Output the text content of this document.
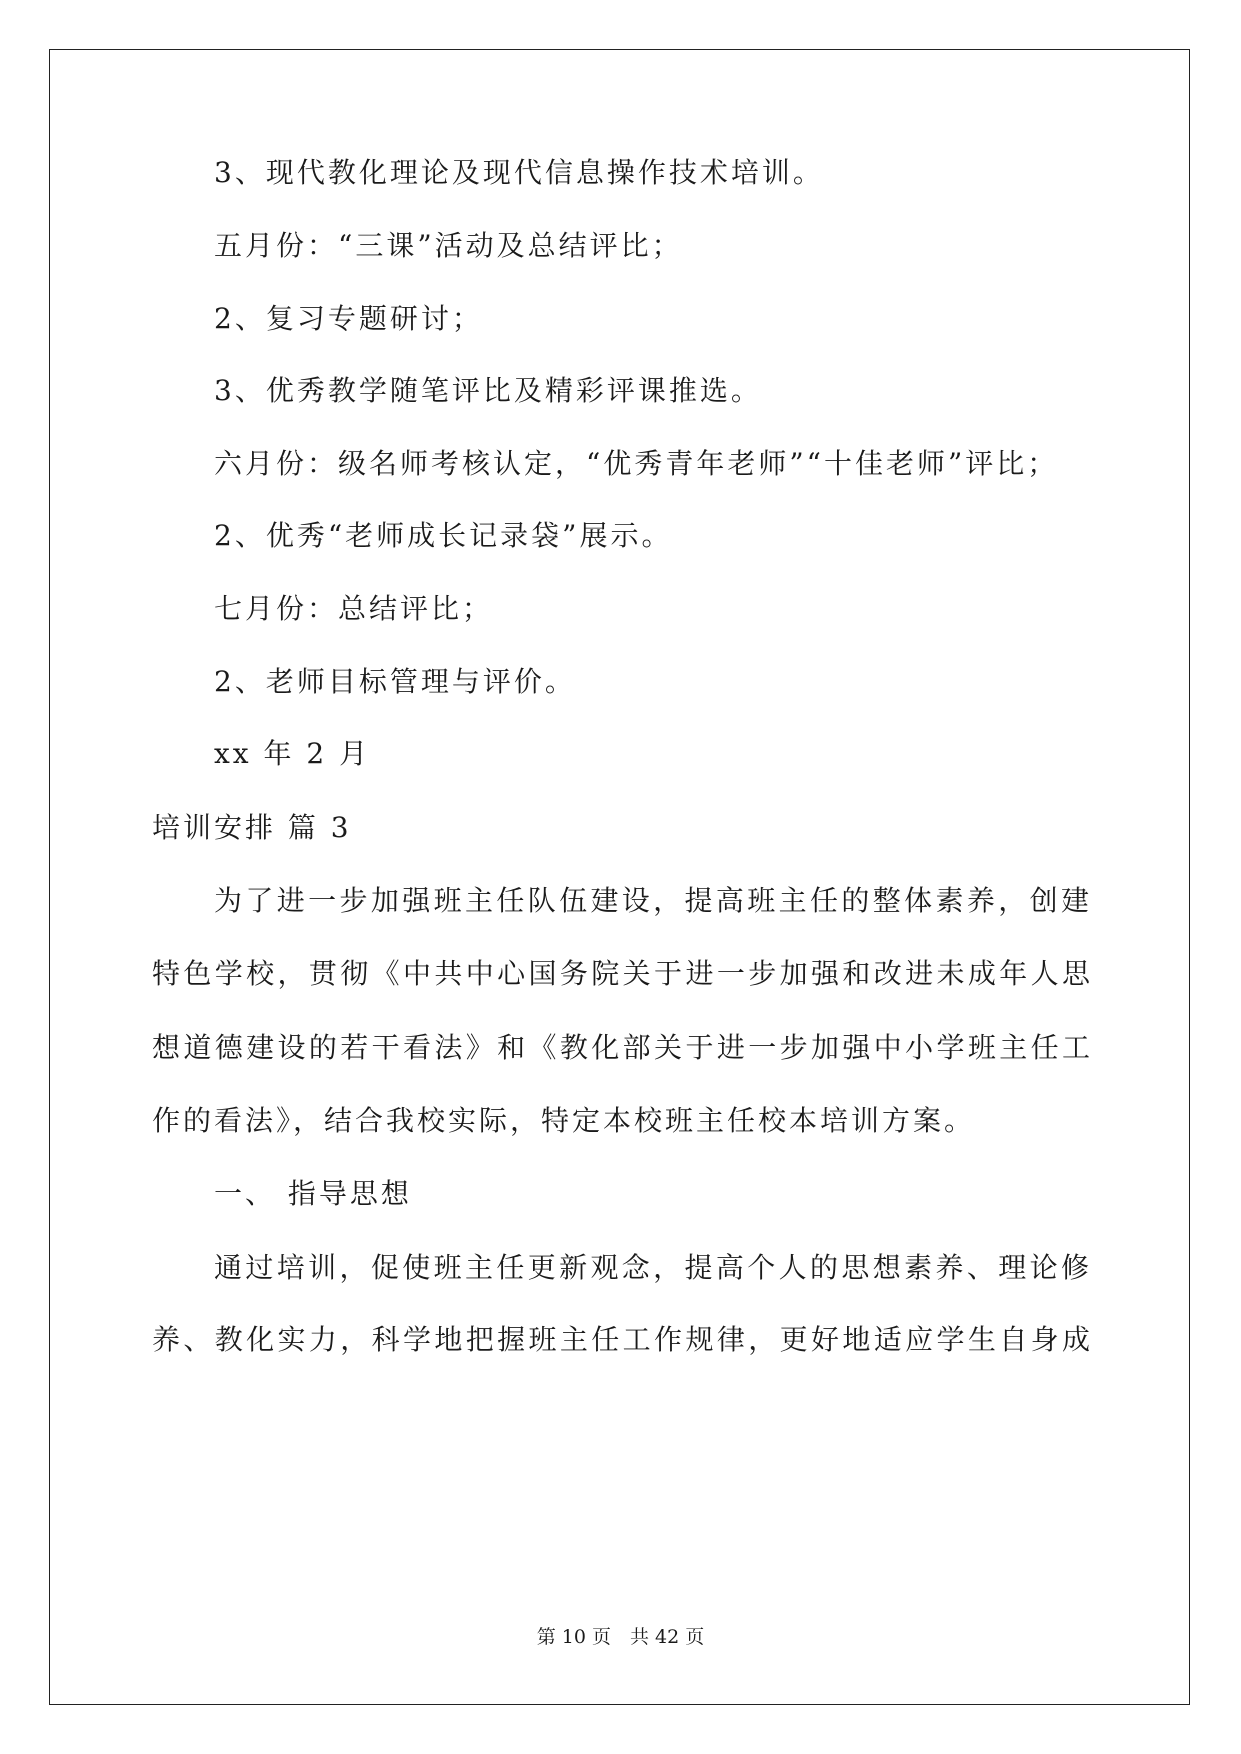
3、现代教化理论及现代信息操作技术培训。
五月份：“三课”活动及总结评比；
2、复习专题研讨；
3、优秀教学随笔评比及精彩评课推选。
六月份：级名师考核认定，“优秀青年老师”“十佳老师”评比；
2、优秀“老师成长记录袋”展示。
七月份：总结评比；
2、老师目标管理与评价。
xx 年 2 月
培训安排 篇 3
为了进一步加强班主任队伍建设，提高班主任的整体素养，创建
特色学校，贯彻《中共中心国务院关于进一步加强和改进未成年人思
想道德建设的若干看法》和《教化部关于进一步加强中小学班主任工
作的看法》，结合我校实际，特定本校班主任校本培训方案。
一、 指导思想
通过培训，促使班主任更新观念，提高个人的思想素养、理论修
养、教化实力，科学地把握班主任工作规律，更好地适应学生自身成
第 10 页　共 42 页
